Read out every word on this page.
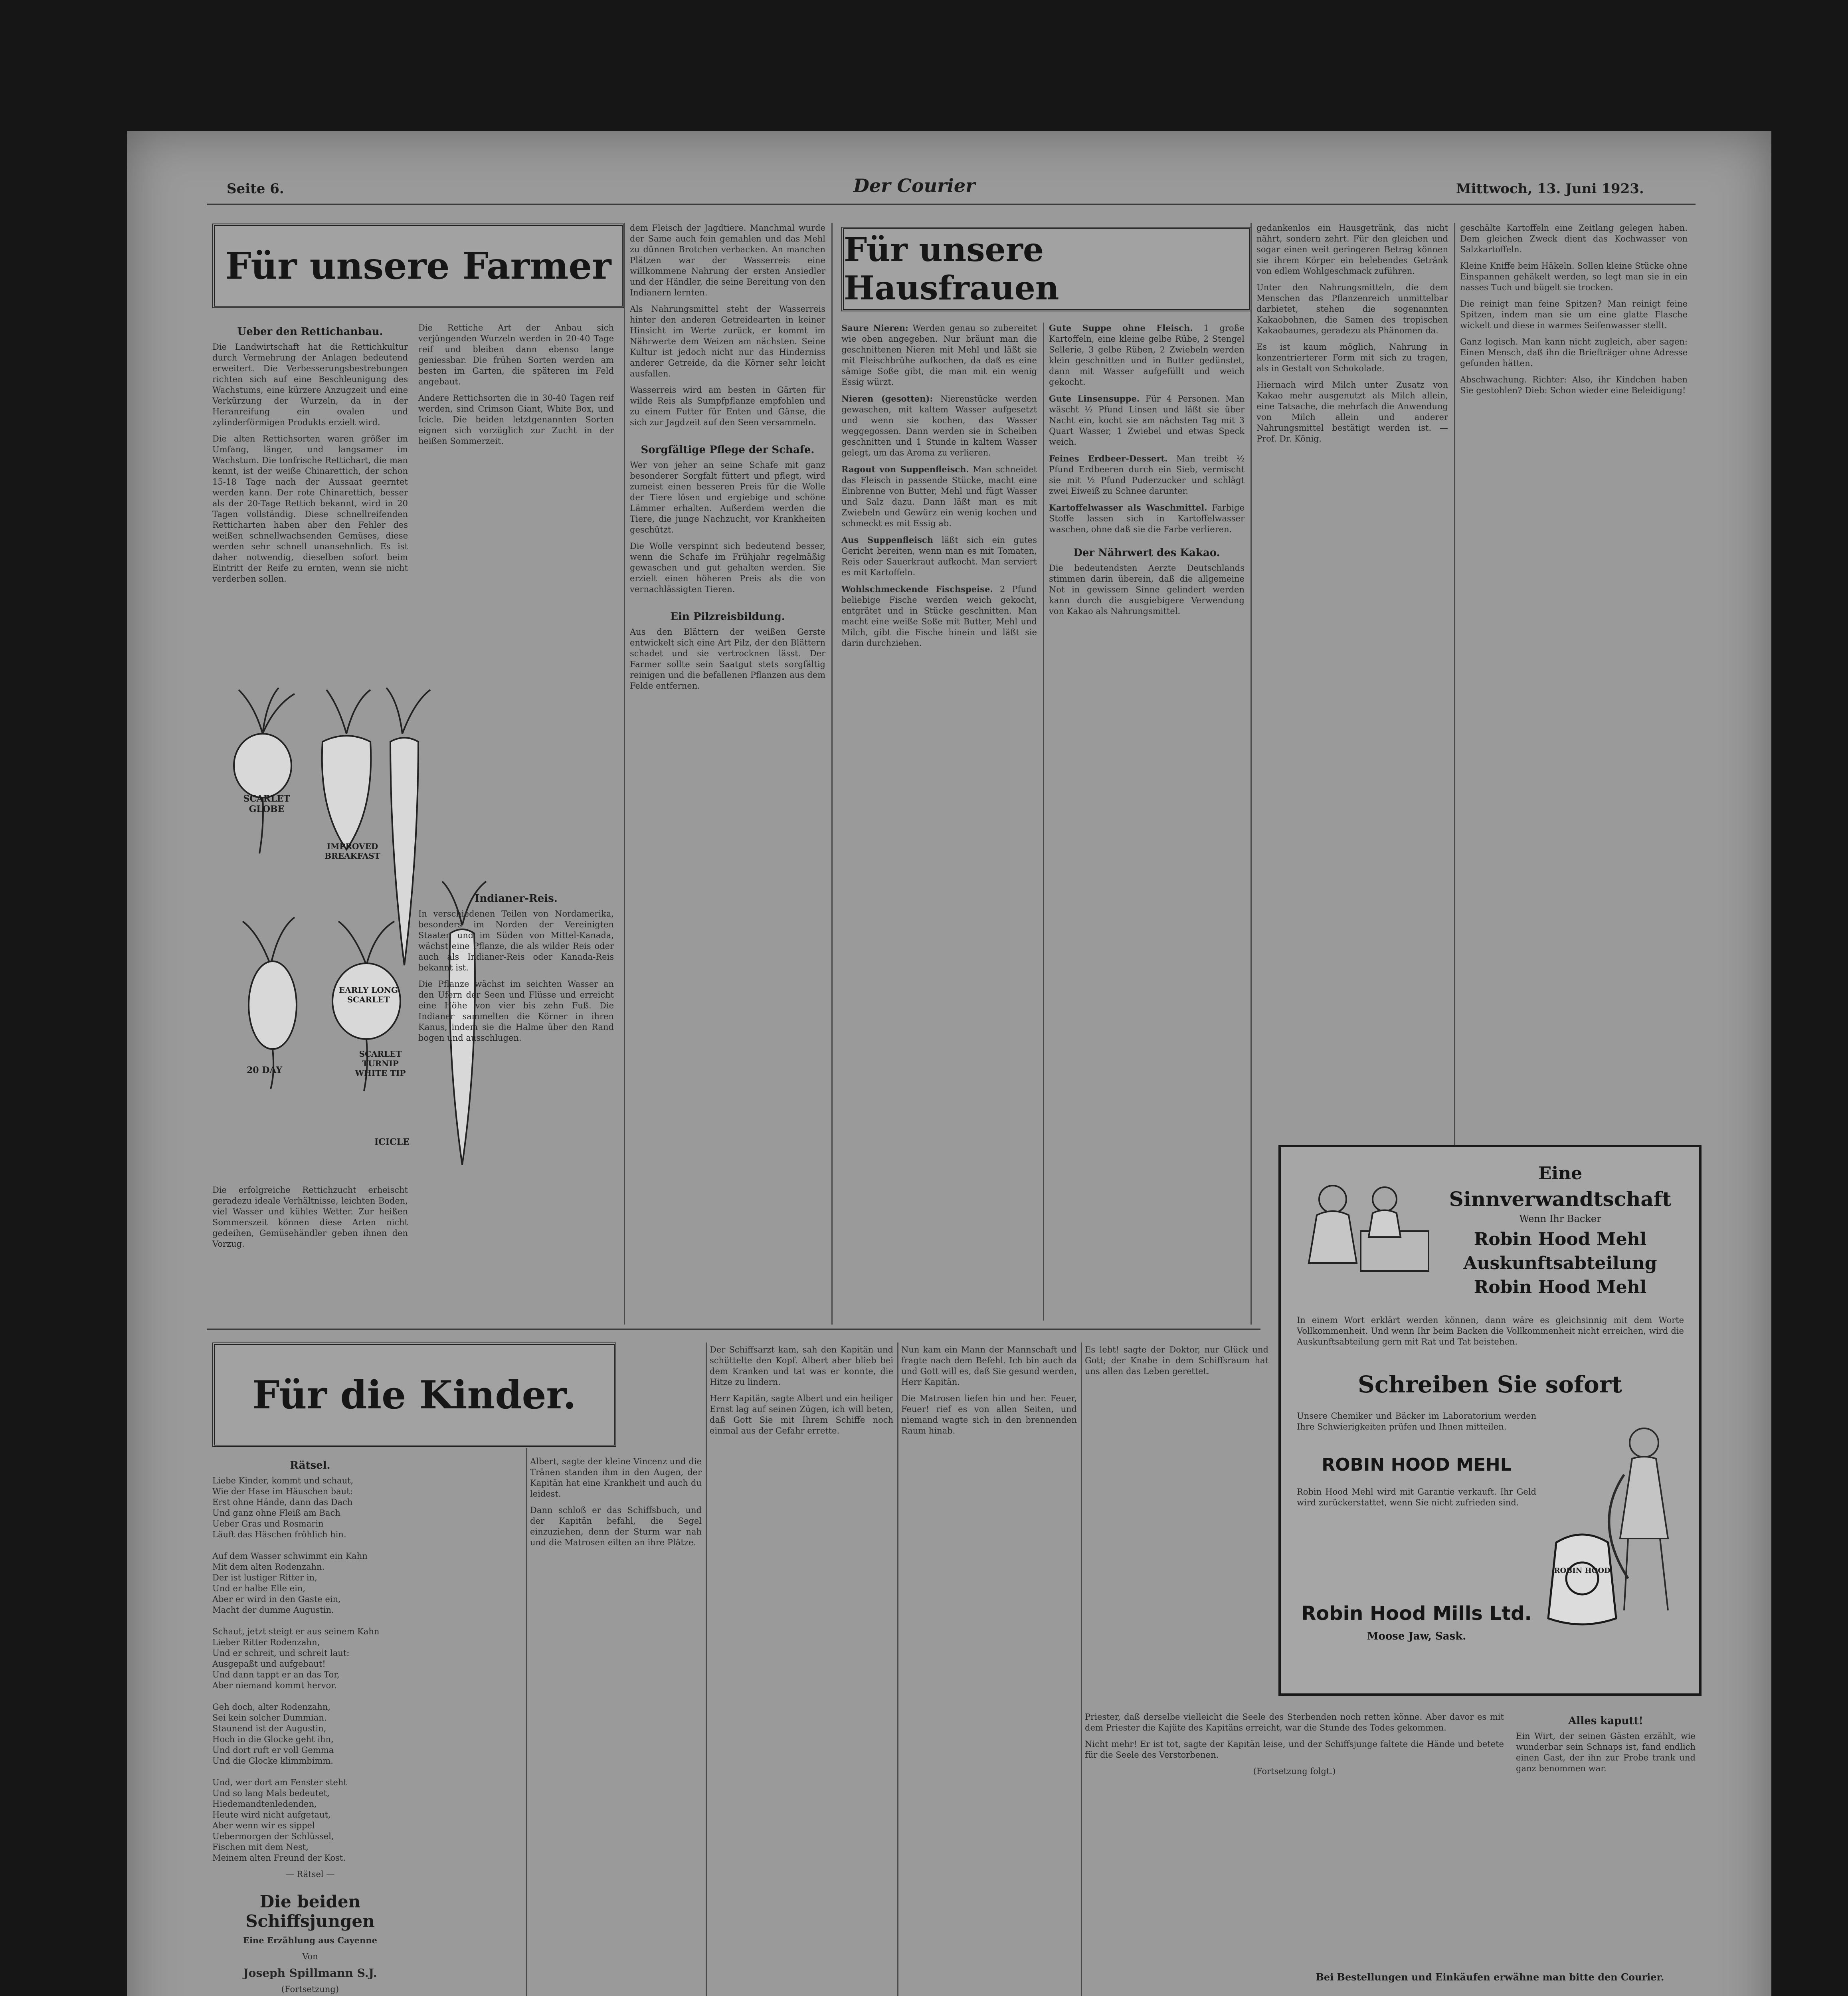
Seite 6.	Der Courier	Mittwoch, 13. Juni 1923.
Für unsere Farmer
Ueber den Rettichanbau.

Die Landwirtschaft hat die Rettichkultur durch Vermehrung der Anlagen bedeutend erweitert. Die Verbesserungsbestrebungen richten sich auf eine Beschleunigung des Wachstums, eine kürzere Anzugzeit und eine Verkürzung der Wurzeln, da in der Heranreifung ein ovalen und zylinderförmigen Produkts erzielt wird.

Die alten Rettichsorten waren größer im Umfang, länger, und langsamer im Wachstum. Die tonfrische Rettichart, die man kennt, ist der weiße Chinarettich, der schon 15-18 Tage nach der Aussaat geerntet werden kann. Der rote Chinarettich, besser als der 20-Tage Rettich bekannt, wird in 20 Tagen vollständig. Diese schnellreifenden Retticharten haben aber den Fehler des weißen schnellwachsenden Gemüses, diese werden sehr schnell unansehnlich. Es ist daher notwendig, dieselben sofort beim Eintritt der Reife zu ernten, wenn sie nicht verderben sollen.

Die Rettiche Art der Anbau sich verjüngenden Wurzeln werden in 20-40 Tage reif und bleiben dann ebenso lange geniessbar. Die frühen Sorten werden am besten im Garten, die späteren im Feld angebaut.

Andere Rettichsorten die in 30-40 Tagen reif werden, sind Crimson Giant, White Box, und Icicle. Die beiden letztgenannten Sorten eignen sich vorzüglich zur Zucht in der heißen Sommerzeit.

SCARLET GLOBE
IMPROVED BREAKFAST
EARLY LONG SCARLET
20 DAY
SCARLET TURNIP WHITE TIP
ICICLE
Indianer-Reis.

In verschiedenen Teilen von Nordamerika, besonders im Norden der Vereinigten Staaten und im Süden von Mittel-Kanada, wächst eine Pflanze, die als wilder Reis oder auch als Indianer-Reis oder Kanada-Reis bekannt ist.

Die Pflanze wächst im seichten Wasser an den Ufern der Seen und Flüsse und erreicht eine Höhe von vier bis zehn Fuß. Die Indianer sammelten die Körner in ihren Kanus, indem sie die Halme über den Rand bogen und ausschlugen.

Die erfolgreiche Rettichzucht erheischt geradezu ideale Verhältnisse, leichten Boden, viel Wasser und kühles Wetter. Zur heißen Sommerszeit können diese Arten nicht gedeihen, Gemüsehändler geben ihnen den Vorzug.

dem Fleisch der Jagdtiere. Manchmal wurde der Same auch fein gemahlen und das Mehl zu dünnen Brotchen verbacken. An manchen Plätzen war der Wasserreis eine willkommene Nahrung der ersten Ansiedler und der Händler, die seine Bereitung von den Indianern lernten.

Als Nahrungsmittel steht der Wasserreis hinter den anderen Getreidearten in keiner Hinsicht im Werte zurück, er kommt im Nährwerte dem Weizen am nächsten. Seine Kultur ist jedoch nicht nur das Hinderniss anderer Getreide, da die Körner sehr leicht ausfallen.

Wasserreis wird am besten in Gärten für wilde Reis als Sumpfpflanze empfohlen und zu einem Futter für Enten und Gänse, die sich zur Jagdzeit auf den Seen versammeln.

Sorgfältige Pflege der Schafe.

Wer von jeher an seine Schafe mit ganz besonderer Sorgfalt füttert und pflegt, wird zumeist einen besseren Preis für die Wolle der Tiere lösen und ergiebige und schöne Lämmer erhalten. Außerdem werden die Tiere, die junge Nachzucht, vor Krankheiten geschützt.

Die Wolle verspinnt sich bedeutend besser, wenn die Schafe im Frühjahr regelmäßig gewaschen und gut gehalten werden. Sie erzielt einen höheren Preis als die von vernachlässigten Tieren.

Ein Pilzreisbildung.

Aus den Blättern der weißen Gerste entwickelt sich eine Art Pilz, der den Blättern schadet und sie vertrocknen lässt. Der Farmer sollte sein Saatgut stets sorgfältig reinigen und die befallenen Pflanzen aus dem Felde entfernen.

Für unsere Hausfrauen

Saure Nieren: Werden genau so zubereitet wie oben angegeben. Nur bräunt man die geschnittenen Nieren mit Mehl und läßt sie mit Fleischbrühe aufkochen, da daß es eine sämige Soße gibt, die man mit ein wenig Essig würzt.

Nieren (gesotten): Nierenstücke werden gewaschen, mit kaltem Wasser aufgesetzt und wenn sie kochen, das Wasser weggegossen. Dann werden sie in Scheiben geschnitten und 1 Stunde in kaltem Wasser gelegt, um das Aroma zu verlieren.

Ragout von Suppenfleisch. Man schneidet das Fleisch in passende Stücke, macht eine Einbrenne von Butter, Mehl und fügt Wasser und Salz dazu. Dann läßt man es mit Zwiebeln und Gewürz ein wenig kochen und schmeckt es mit Essig ab.

Aus Suppenfleisch läßt sich ein gutes Gericht bereiten, wenn man es mit Tomaten, Reis oder Sauerkraut aufkocht. Man serviert es mit Kartoffeln.

Wohlschmeckende Fischspeise. 2 Pfund beliebige Fische werden weich gekocht, entgrätet und in Stücke geschnitten. Man macht eine weiße Soße mit Butter, Mehl und Milch, gibt die Fische hinein und läßt sie darin durchziehen.

Gute Suppe ohne Fleisch. 1 große Kartoffeln, eine kleine gelbe Rübe, 2 Stengel Sellerie, 3 gelbe Rüben, 2 Zwiebeln werden klein geschnitten und in Butter gedünstet, dann mit Wasser aufgefüllt und weich gekocht.

Gute Linsensuppe. Für 4 Personen. Man wäscht ½ Pfund Linsen und läßt sie über Nacht ein, kocht sie am nächsten Tag mit 3 Quart Wasser, 1 Zwiebel und etwas Speck weich.

Feines Erdbeer-Dessert. Man treibt ½ Pfund Erdbeeren durch ein Sieb, vermischt sie mit ½ Pfund Puderzucker und schlägt zwei Eiweiß zu Schnee darunter.

Kartoffelwasser als Waschmittel. Farbige Stoffe lassen sich in Kartoffelwasser waschen, ohne daß sie die Farbe verlieren.

Der Nährwert des Kakao.

Die bedeutendsten Aerzte Deutschlands stimmen darin überein, daß die allgemeine Not in gewissem Sinne gelindert werden kann durch die ausgiebigere Verwendung von Kakao als Nahrungsmittel.

gedankenlos ein Hausgetränk, das nicht nährt, sondern zehrt. Für den gleichen und sogar einen weit geringeren Betrag können sie ihrem Körper ein belebendes Getränk von edlem Wohlgeschmack zuführen.

Unter den Nahrungsmitteln, die dem Menschen das Pflanzenreich unmittelbar darbietet, stehen die sogenannten Kakaobohnen, die Samen des tropischen Kakaobaumes, geradezu als Phänomen da.

Es ist kaum möglich, Nahrung in konzentrierterer Form mit sich zu tragen, als in Gestalt von Schokolade.

Hiernach wird Milch unter Zusatz von Kakao mehr ausgenutzt als Milch allein, eine Tatsache, die mehrfach die Anwendung von Milch allein und anderer Nahrungsmittel bestätigt werden ist. — Prof. Dr. König.

geschälte Kartoffeln eine Zeitlang gelegen haben. Dem gleichen Zweck dient das Kochwasser von Salzkartoffeln.

Kleine Kniffe beim Häkeln. Sollen kleine Stücke ohne Einspannen gehäkelt werden, so legt man sie in ein nasses Tuch und bügelt sie trocken.

Die reinigt man feine Spitzen? Man reinigt feine Spitzen, indem man sie um eine glatte Flasche wickelt und diese in warmes Seifenwasser stellt.

Ganz logisch. Man kann nicht zugleich, aber sagen: Einen Mensch, daß ihn die Briefträger ohne Adresse gefunden hätten.

Abschwachung. Richter: Also, ihr Kindchen haben Sie gestohlen? Dieb: Schon wieder eine Beleidigung!

Eine
Sinnverwandtschaft
Wenn Ihr Backer
Robin Hood Mehl
Auskunftsabteilung
Robin Hood Mehl

In einem Wort erklärt werden können, dann wäre es gleichsinnig mit dem Worte Vollkommenheit. Und wenn Ihr beim Backen die Vollkommenheit nicht erreichen, wird die Auskunftsabteilung gern mit Rat und Tat beistehen.

Schreiben Sie sofort

Unsere Chemiker und Bäcker im Laboratorium werden Ihre Schwierigkeiten prüfen und Ihnen mitteilen.

ROBIN HOOD MEHL

Robin Hood Mehl wird mit Garantie verkauft. Ihr Geld wird zurückerstattet, wenn Sie nicht zufrieden sind.

ROBIN HOOD
Robin Hood Mills Ltd.
Moose Jaw, Sask.
Für die Kinder.
Rätsel.
Liebe Kinder, kommt und schaut,
Wie der Hase im Häuschen baut:
Erst ohne Hände, dann das Dach
Und ganz ohne Fleiß am Bach
Ueber Gras und Rosmarin
Läuft das Häschen fröhlich hin.

Auf dem Wasser schwimmt ein Kahn
Mit dem alten Rodenzahn.
Der ist lustiger Ritter in,
Und er halbe Elle ein,
Aber er wird in den Gaste ein,
Macht der dumme Augustin.

Schaut, jetzt steigt er aus seinem Kahn
Lieber Ritter Rodenzahn,
Und er schreit, und schreit laut:
Ausgepaßt und aufgebaut!
Und dann tappt er an das Tor,
Aber niemand kommt hervor.

Geh doch, alter Rodenzahn,
Sei kein solcher Dummian.
Staunend ist der Augustin,
Hoch in die Glocke geht ihn,
Und dort ruft er voll Gemma
Und die Glocke klimmbimm.

Und, wer dort am Fenster steht
Und so lang Mals bedeutet,
Hiedemandtenledenden,
Heute wird nicht aufgetaut,
Aber wenn wir es sippel
Uebermorgen der Schlüssel,
Fischen mit dem Nest,
Meinem alten Freund der Kost.
— Rätsel —
Die beiden Schiffsjungen
Eine Erzählung aus Cayenne
Von
Joseph Spillmann S.J.
(Fortsetzung)

Albert, sagte der kleine Vincenz und die Tränen standen ihm in den Augen, der Kapitän hat eine Krankheit und auch du leidest.

Dann schloß er das Schiffsbuch, und der Kapitän befahl, die Segel einzuziehen, denn der Sturm war nah und die Matrosen eilten an ihre Plätze.

Der Schiffsarzt kam, sah den Kapitän und schüttelte den Kopf. Albert aber blieb bei dem Kranken und tat was er konnte, die Hitze zu lindern.

Herr Kapitän, sagte Albert und ein heiliger Ernst lag auf seinen Zügen, ich will beten, daß Gott Sie mit Ihrem Schiffe noch einmal aus der Gefahr errette.

Nun kam ein Mann der Mannschaft und fragte nach dem Befehl. Ich bin auch da und Gott will es, daß Sie gesund werden, Herr Kapitän.

Die Matrosen liefen hin und her. Feuer, Feuer! rief es von allen Seiten, und niemand wagte sich in den brennenden Raum hinab.

Es lebt! sagte der Doktor, nur Glück und Gott; der Knabe in dem Schiffsraum hat uns allen das Leben gerettet.

Priester, daß derselbe vielleicht die Seele des Sterbenden noch retten könne. Aber davor es mit dem Priester die Kajüte des Kapitäns erreicht, war die Stunde des Todes gekommen.

Nicht mehr! Er ist tot, sagte der Kapitän leise, und der Schiffsjunge faltete die Hände und betete für die Seele des Verstorbenen.

(Fortsetzung folgt.)
Alles kaputt!

Ein Wirt, der seinen Gästen erzählt, wie wunderbar sein Schnaps ist, fand endlich einen Gast, der ihn zur Probe trank und ganz benommen war.

Bei Bestellungen und Einkäufen erwähne man bitte den Courier.
